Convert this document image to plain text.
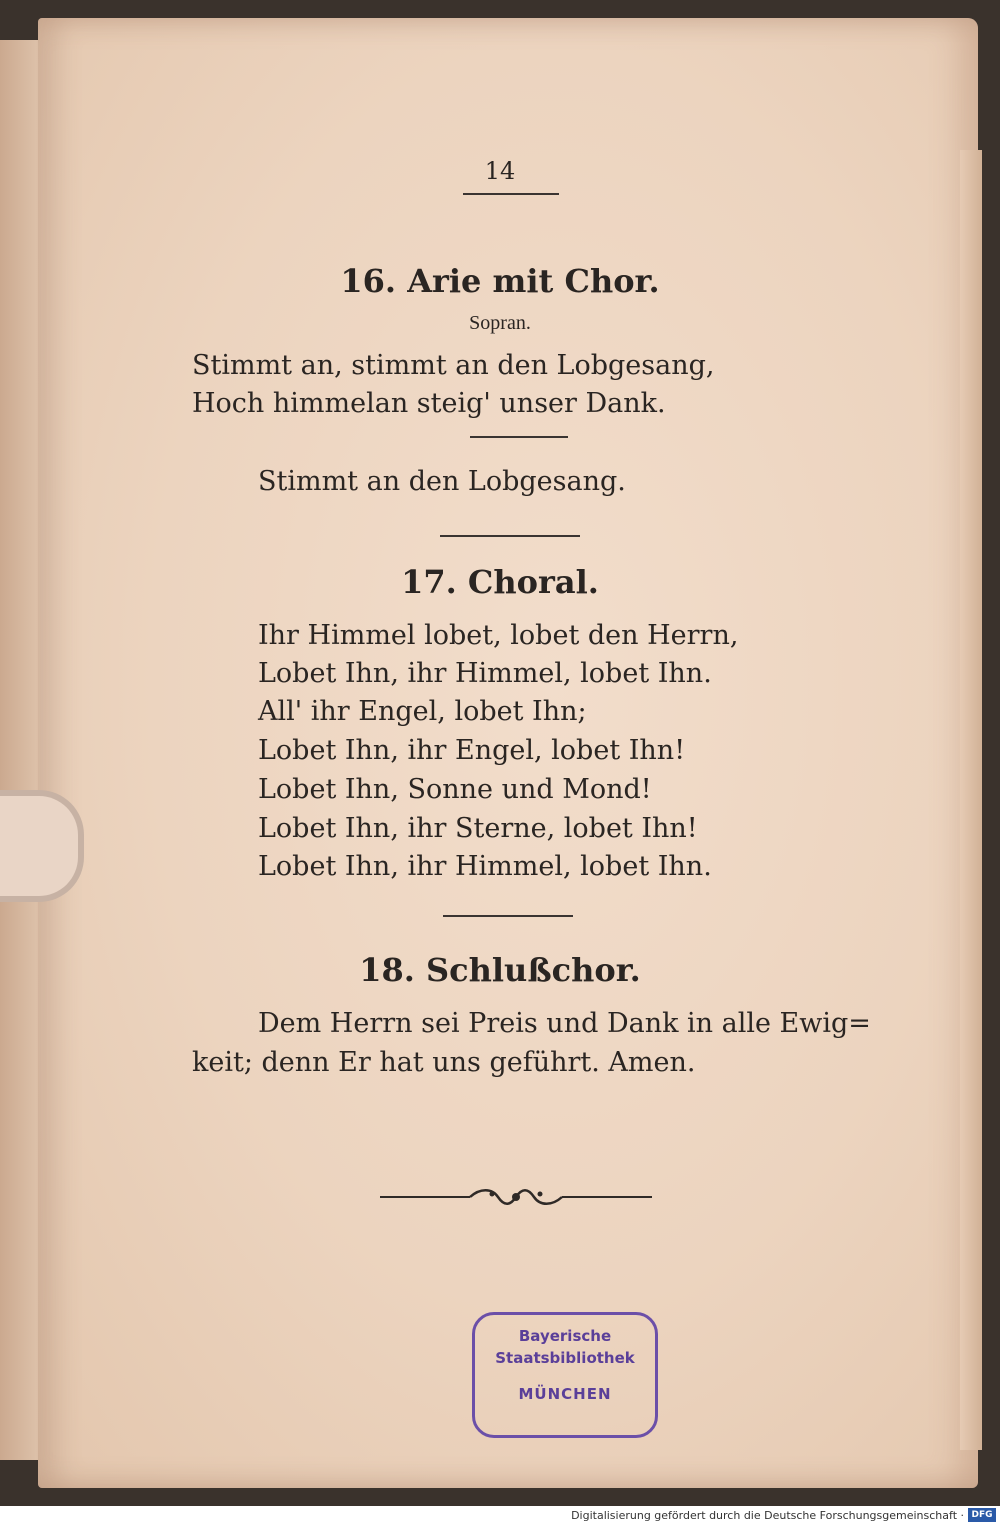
14
16. Arie mit Chor.
Sopran.
Stimmt an, stimmt an den Lobgesang,
Hoch himmelan steig' unser Dank.
Stimmt an den Lobgesang.
17. Choral.
Ihr Himmel lobet, lobet den Herrn,
Lobet Ihn, ihr Himmel, lobet Ihn.
All' ihr Engel, lobet Ihn;
Lobet Ihn, ihr Engel, lobet Ihn!
Lobet Ihn, Sonne und Mond!
Lobet Ihn, ihr Sterne, lobet Ihn!
Lobet Ihn, ihr Himmel, lobet Ihn.
18. Schlußchor.
Dem Herrn sei Preis und Dank in alle Ewig=
keit; denn Er hat uns geführt. Amen.
Bayerische
Staatsbibliothek
MÜNCHEN
Digitalisierung gefördert durch die Deutsche Forschungsgemeinschaft · DFG
